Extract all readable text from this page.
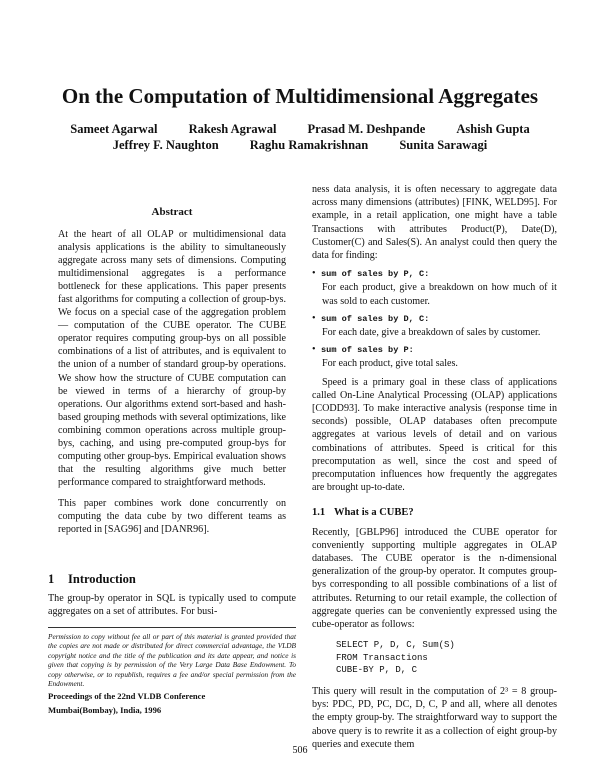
On the Computation of Multidimensional Aggregates
Sameet Agarwal Rakesh Agrawal Prasad M. Deshpande Ashish Gupta
Jeffrey F. Naughton Raghu Ramakrishnan Sunita Sarawagi
Abstract

At the heart of all OLAP or multidimensional data analysis applications is the ability to simultaneously aggregate across many sets of dimensions. Computing multidimensional aggregates is a performance bottleneck for these applications. This paper presents fast algorithms for computing a collection of group-bys. We focus on a special case of the aggregation problem — computation of the CUBE operator. The CUBE operator requires computing group-bys on all possible combinations of a list of attributes, and is equivalent to the union of a number of standard group-by operations. We show how the structure of CUBE computation can be viewed in terms of a hierarchy of group-by operations. Our algorithms extend sort-based and hash-based grouping methods with several optimizations, like combining common operations across multiple group-bys, caching, and using pre-computed group-bys for computing other group-bys. Empirical evaluation shows that the resulting algorithms give much better performance compared to straightforward methods.

This paper combines work done concurrently on computing the data cube by two different teams as reported in [SAG96] and [DANR96].

1 Introduction
The group-by operator in SQL is typically used to compute aggregates on a set of attributes. For busi-
Permission to copy without fee all or part of this material is granted provided that the copies are not made or distributed for direct commercial advantage, the VLDB copyright notice and the title of the publication and its date appear, and notice is given that copying is by permission of the Very Large Data Base Endowment. To copy otherwise, or to republish, requires a fee and/or special permission from the Endowment.
Proceedings of the 22nd VLDB Conference
Mumbai(Bombay), India, 1996

ness data analysis, it is often necessary to aggregate data across many dimensions (attributes) [FINK, WELD95]. For example, in a retail application, one might have a table Transactions with attributes Product(P), Date(D), Customer(C) and Sales(S). An analyst could then query the data for finding:

• sum of sales by P, C:
For each product, give a breakdown on how much of it was sold to each customer.
• sum of sales by D, C:
For each date, give a breakdown of sales by customer.
• sum of sales by P:
For each product, give total sales.

Speed is a primary goal in these class of applications called On-Line Analytical Processing (OLAP) applications [CODD93]. To make interactive analysis (response time in seconds) possible, OLAP databases often precompute aggregates at various levels of detail and on various combinations of attributes. Speed is critical for this precomputation as well, since the cost and speed of precomputation influences how frequently the aggregates are brought up-to-date.

1.1 What is a CUBE?

Recently, [GBLP96] introduced the CUBE operator for conveniently supporting multiple aggregates in OLAP databases. The CUBE operator is the n-dimensional generalization of the group-by operator. It computes group-bys corresponding to all possible combinations of a list of attributes. Returning to our retail example, the collection of aggregate queries can be conveniently expressed using the cube-operator as follows:

SELECT P, D, C, Sum(S)
FROM Transactions
CUBE-BY P, D, C

This query will result in the computation of 2³ = 8 group-bys: PDC, PD, PC, DC, D, C, P and all, where all denotes the empty group-by. The straightforward way to support the above query is to rewrite it as a collection of eight group-by queries and execute them

506
